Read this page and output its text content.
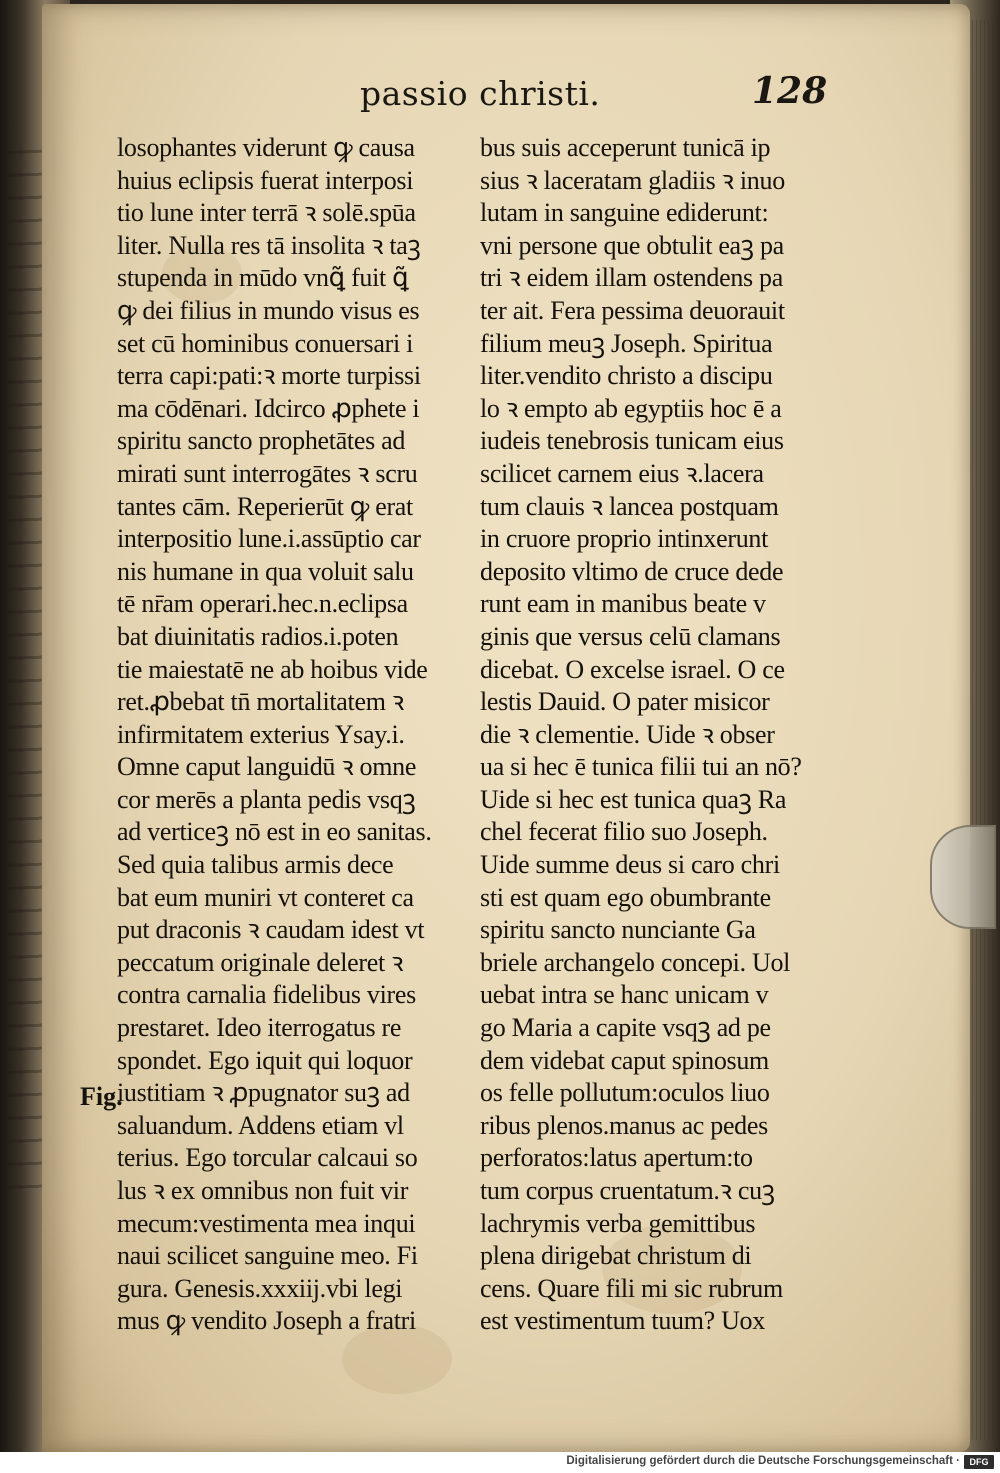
passio christi.	128
losophantes viderunt ꝙ causa
huius eclipsis fuerat interposi
tio lune inter terrā ꝛ solē.spūa
liter. Nulla res tā insolita ꝛ taꝫ
stupenda in mūdo vnꝗ̃ fuit ꝗ̃
ꝙ dei filius in mundo visus es
set cū hominibus conuersari i
terra capi:pati:ꝛ morte turpissi
ma cōdēnari. Idcirco ꝓphete i
spiritu sancto prophetātes ad
mirati sunt interrogātes ꝛ scru
tantes cām. Reperierūt ꝙ erat
interpositio lune.i.assūptio car
nis humane in qua voluit salu
tē nr̄am operari.hec.n.eclipsa
bat diuinitatis radios.i.poten
tie maiestatē ne ab hoibus vide
ret.ꝓbebat tn̄ mortalitatem ꝛ
infirmitatem exterius Ysay.i.
Omne caput languidū ꝛ omne
cor merēs a planta pedis vsqꝫ
ad verticeꝫ nō est in eo sanitas.
Sed quia talibus armis dece
bat eum muniri vt conteret ca
put draconis ꝛ caudam idest vt
peccatum originale deleret ꝛ
contra carnalia fidelibus vires
prestaret. Ideo iterrogatus re
spondet. Ego iquit qui loquor
iustitiam ꝛ ꝓpugnator suꝫ ad
saluandum. Addens etiam vl
terius. Ego torcular calcaui so
lus ꝛ ex omnibus non fuit vir
mecum:vestimenta mea inqui
naui scilicet sanguine meo. Fi
gura. Genesis.xxxiij.vbi legi
mus ꝙ vendito Joseph a fratri
bus suis acceperunt tunicā ip
sius ꝛ laceratam gladiis ꝛ inuo
lutam in sanguine ediderunt:
vni persone que obtulit eaꝫ pa
tri ꝛ eidem illam ostendens pa
ter ait. Fera pessima deuorauit
filium meuꝫ Joseph. Spiritua
liter.vendito christo a discipu
lo ꝛ empto ab egyptiis hoc ē a
iudeis tenebrosis tunicam eius
scilicet carnem eius ꝛ.lacera
tum clauis ꝛ lancea postquam
in cruore proprio intinxerunt
deposito vltimo de cruce dede
runt eam in manibus beate v
ginis que versus celū clamans
dicebat. O excelse israel. O ce
lestis Dauid. O pater misicor
die ꝛ clementie. Uide ꝛ obser
ua si hec ē tunica filii tui an nō?
Uide si hec est tunica quaꝫ Ra
chel fecerat filio suo Joseph.
Uide summe deus si caro chri
sti est quam ego obumbrante
spiritu sancto nunciante Ga
briele archangelo concepi. Uol
uebat intra se hanc unicam v
go Maria a capite vsqꝫ ad pe
dem videbat caput spinosum
os felle pollutum:oculos liuo
ribus plenos.manus ac pedes
perforatos:latus apertum:to
tum corpus cruentatum.ꝛ cuꝫ
lachrymis verba gemittibus
plena dirigebat christum di
cens. Quare fili mi sic rubrum
est vestimentum tuum? Uox
Fig.
Digitalisierung gefördert durch die Deutsche Forschungsgemeinschaft ·	DFG
